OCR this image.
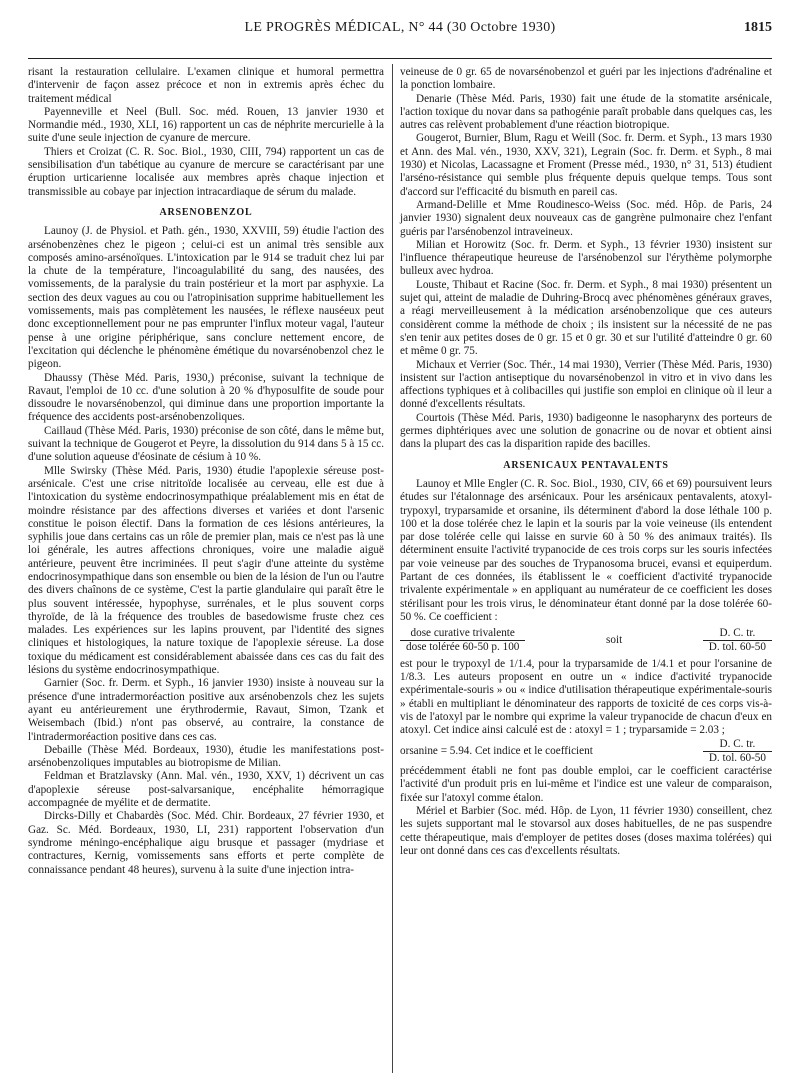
LE PROGRÈS MÉDICAL, N° 44 (30 Octobre 1930)	1815

risant la restauration cellulaire. L'examen clinique et humoral permettra d'intervenir de façon assez précoce et non in extremis après échec du traitement médical

Payenneville et Neel (Bull. Soc. méd. Rouen, 13 janvier 1930 et Normandie méd., 1930, XLI, 16) rapportent un cas de néphrite mercurielle à la suite d'une seule injection de cyanure de mercure.

Thiers et Croizat (C. R. Soc. Biol., 1930, CIII, 794) rapportent un cas de sensibilisation d'un tabétique au cyanure de mercure se caractérisant par une éruption urticarienne localisée aux membres après chaque injection et transmissible au cobaye par injection intracardiaque de sérum du malade.

ARSENOBENZOL

Launoy (J. de Physiol. et Path. gén., 1930, XXVIII, 59) étudie l'action des arsénobenzènes chez le pigeon ; celui-ci est un animal très sensible aux composés amino-arsénoïques. L'intoxication par le 914 se traduit chez lui par la chute de la température, l'incoagulabilité du sang, des nausées, des vomissements, de la paralysie du train postérieur et la mort par asphyxie. La section des deux vagues au cou ou l'atropinisation supprime habituellement les vomissements, mais pas complètement les nausées, le réflexe nauséeux peut donc exceptionnellement pour ne pas emprunter l'influx moteur vagal, l'auteur pense à une origine périphérique, sans conclure nettement encore, de l'excitation qui déclenche le phénomène émétique du novarsénobenzol chez le pigeon.

Dhaussy (Thèse Méd. Paris, 1930,) préconise, suivant la technique de Ravaut, l'emploi de 10 cc. d'une solution à 20 % d'hyposulfite de soude pour dissoudre le novarsénobenzol, qui diminue dans une proportion importante la fréquence des accidents post-arsénobenzoliques.

Caillaud (Thèse Méd. Paris, 1930) préconise de son côté, dans le même but, suivant la technique de Gougerot et Peyre, la dissolution du 914 dans 5 à 15 cc. d'une solution aqueuse d'éosinate de césium à 10 %.

Mlle Swirsky (Thèse Méd. Paris, 1930) étudie l'apoplexie séreuse post-arsénicale. C'est une crise nitritoïde localisée au cerveau, elle est due à l'intoxication du système endocrinosympathique préalablement mis en état de moindre résistance par des affections diverses et variées et dont l'arsenic constitue le poison électif. Dans la formation de ces lésions antérieures, la syphilis joue dans certains cas un rôle de premier plan, mais ce n'est pas là une loi générale, les autres affections chroniques, voire une maladie aiguë antérieure, peuvent être incriminées. Il peut s'agir d'une atteinte du système endocrinosympathique dans son ensemble ou bien de la lésion de l'un ou l'autre des divers chaînons de ce système, C'est la partie glandulaire qui paraît être le plus souvent intéressée, hypophyse, surrénales, et le plus souvent corps thyroïde, de là la fréquence des troubles de basedowisme fruste chez ces malades. Les expériences sur les lapins prouvent, par l'identité des signes cliniques et histologiques, la nature toxique de l'apoplexie séreuse. La dose toxique du médicament est considérablement abaissée dans ces cas du fait des lésions du système endocrinosympathique.

Garnier (Soc. fr. Derm. et Syph., 16 janvier 1930) insiste à nouveau sur la présence d'une intradermoréaction positive aux arsénobenzols chez les sujets ayant eu antérieurement une érythrodermie, Ravaut, Simon, Tzank et Weisembach (Ibid.) n'ont pas observé, au contraire, la constance de l'intradermoréaction positive dans ces cas.

Debaille (Thèse Méd. Bordeaux, 1930), étudie les manifestations post-arsénobenzoliques imputables au biotropisme de Milian.

Feldman et Bratzlavsky (Ann. Mal. vén., 1930, XXV, 1) décrivent un cas d'apoplexie séreuse post-salvarsanique, encéphalite hémorragique accompagnée de myélite et de dermatite.

Dircks-Dilly et Chabardès (Soc. Méd. Chir. Bordeaux, 27 février 1930, et Gaz. Sc. Méd. Bordeaux, 1930, LI, 231) rapportent l'observation d'un syndrome méningo-encéphalique aigu brusque et passager (mydriase et contractures, Kernig, vomissements sans efforts et perte complète de connaissance pendant 48 heures), survenu à la suite d'une injection intra-

veineuse de 0 gr. 65 de novarsénobenzol et guéri par les injections d'adrénaline et la ponction lombaire.

Denarie (Thèse Méd. Paris, 1930) fait une étude de la stomatite arsénicale, l'action toxique du novar dans sa pathogénie paraît probable dans quelques cas, les autres cas relèvent probablement d'une réaction biotropique.

Gougerot, Burnier, Blum, Ragu et Weill (Soc. fr. Derm. et Syph., 13 mars 1930 et Ann. des Mal. vén., 1930, XXV, 321), Legrain (Soc. fr. Derm. et Syph., 8 mai 1930) et Nicolas, Lacassagne et Froment (Presse méd., 1930, n° 31, 513) étudient l'arséno-résistance qui semble plus fréquente depuis quelque temps. Tous sont d'accord sur l'efficacité du bismuth en pareil cas.

Armand-Delille et Mme Roudinesco-Weiss (Soc. méd. Hôp. de Paris, 24 janvier 1930) signalent deux nouveaux cas de gangrène pulmonaire chez l'enfant guéris par l'arsénobenzol intraveineux.

Milian et Horowitz (Soc. fr. Derm. et Syph., 13 février 1930) insistent sur l'influence thérapeutique heureuse de l'arsénobenzol sur l'érythème polymorphe bulleux avec hydroa.

Louste, Thibaut et Racine (Soc. fr. Derm. et Syph., 8 mai 1930) présentent un sujet qui, atteint de maladie de Duhring-Brocq avec phénomènes généraux graves, a réagi merveilleusement à la médication arsénobenzolique que ces auteurs considèrent comme la méthode de choix ; ils insistent sur la nécessité de ne pas s'en tenir aux petites doses de 0 gr. 15 et 0 gr. 30 et sur l'utilité d'atteindre 0 gr. 60 et même 0 gr. 75.

Michaux et Verrier (Soc. Thér., 14 mai 1930), Verrier (Thèse Méd. Paris, 1930) insistent sur l'action antiseptique du novarsénobenzol in vitro et in vivo dans les affections typhiques et à colibacilles qui justifie son emploi en clinique où il leur a donné d'excellents résultats.

Courtois (Thèse Méd. Paris, 1930) badigeonne le nasopharynx des porteurs de germes diphtériques avec une solution de gonacrine ou de novar et obtient ainsi dans la plupart des cas la disparition rapide des bacilles.

ARSENICAUX PENTAVALENTS

Launoy et Mlle Engler (C. R. Soc. Biol., 1930, CIV, 66 et 69) poursuivent leurs études sur l'étalonnage des arsénicaux. Pour les arsénicaux pentavalents, atoxyl-trypoxyl, tryparsamide et orsanine, ils déterminent d'abord la dose léthale 100 p. 100 et la dose tolérée chez le lapin et la souris par la voie veineuse (ils entendent par dose tolérée celle qui laisse en survie 60 à 50 % des animaux traités). Ils déterminent ensuite l'activité trypanocide de ces trois corps sur les souris infectées par voie veineuse par des souches de Trypanosoma brucei, evansi et equiperdum. Partant de ces données, ils établissent le « coefficient d'activité trypanocide trivalente expérimentale » en appliquant au numérateur de ce coefficient les doses stérilisant pour les trois virus, le dénominateur étant donné par la dose tolérée 60-50 %. Ce coefficient :

$\frac{\text{dose curative trivalente}}{\text{dose tolérée 60-50 p. 100}}$	soit	$\frac{D. C. tr.}{\text{D. tol. 60-50}}$

est pour le trypoxyl de 1/1.4, pour la tryparsamide de 1/4.1 et pour l'orsanine de 1/8.3. Les auteurs proposent en outre un « indice d'activité trypanocide expérimentale-souris » ou « indice d'utilisation thérapeutique expérimentale-souris » établi en multipliant le dénominateur des rapports de toxicité de ces corps vis-à-vis de l'atoxyl par le nombre qui exprime la valeur trypanocide de chacun d'eux en atoxyl. Cet indice ainsi calculé est de : atoxyl = 1 ; tryparsamide = 2.03 ;

orsanine = 5.94. Cet indice et le coefficient	$\frac{D. C. tr.}{\text{D. tol. 60-50}}$

précédemment établi ne font pas double emploi, car le coefficient caractérise l'activité d'un produit pris en lui-même et l'indice est une valeur de comparaison, fixée sur l'atoxyl comme étalon.

Mériel et Barbier (Soc. méd. Hôp. de Lyon, 11 février 1930) conseillent, chez les sujets supportant mal le stovarsol aux doses habituelles, de ne pas suspendre cette thérapeutique, mais d'employer de petites doses (doses maxima tolérées) qui leur ont donné dans ces cas d'excellents résultats.
